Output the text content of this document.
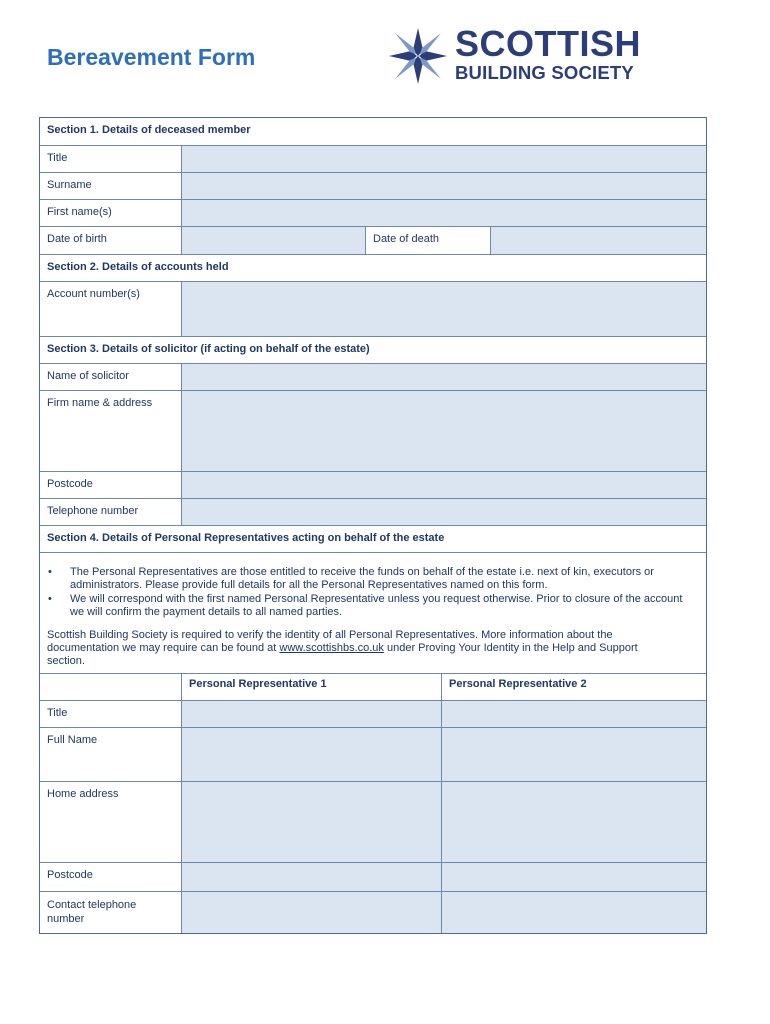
Bereavement Form	SCOTTISH
BUILDING SOCIETY
Section 1. Details of deceased member
Title
Surname
First name(s)
Date of birth	Date of death
Section 2. Details of accounts held
Account number(s)
Section 3. Details of solicitor (if acting on behalf of the estate)
Name of solicitor
Firm name & address
Postcode
Telephone number
Section 4. Details of Personal Representatives acting on behalf of the estate
• The Personal Representatives are those entitled to receive the funds on behalf of the estate i.e. next of kin, executors or administrators. Please provide full details for all the Personal Representatives named on this form.
• We will correspond with the first named Personal Representative unless you request otherwise. Prior to closure of the account we will confirm the payment details to all named parties.
Scottish Building Society is required to verify the identity of all Personal Representatives. More information about the documentation we may require can be found at www.scottishbs.co.uk under Proving Your Identity in the Help and Support section.
Personal Representative 1	Personal Representative 2
Title
Full Name
Home address
Postcode
Contact telephone number
